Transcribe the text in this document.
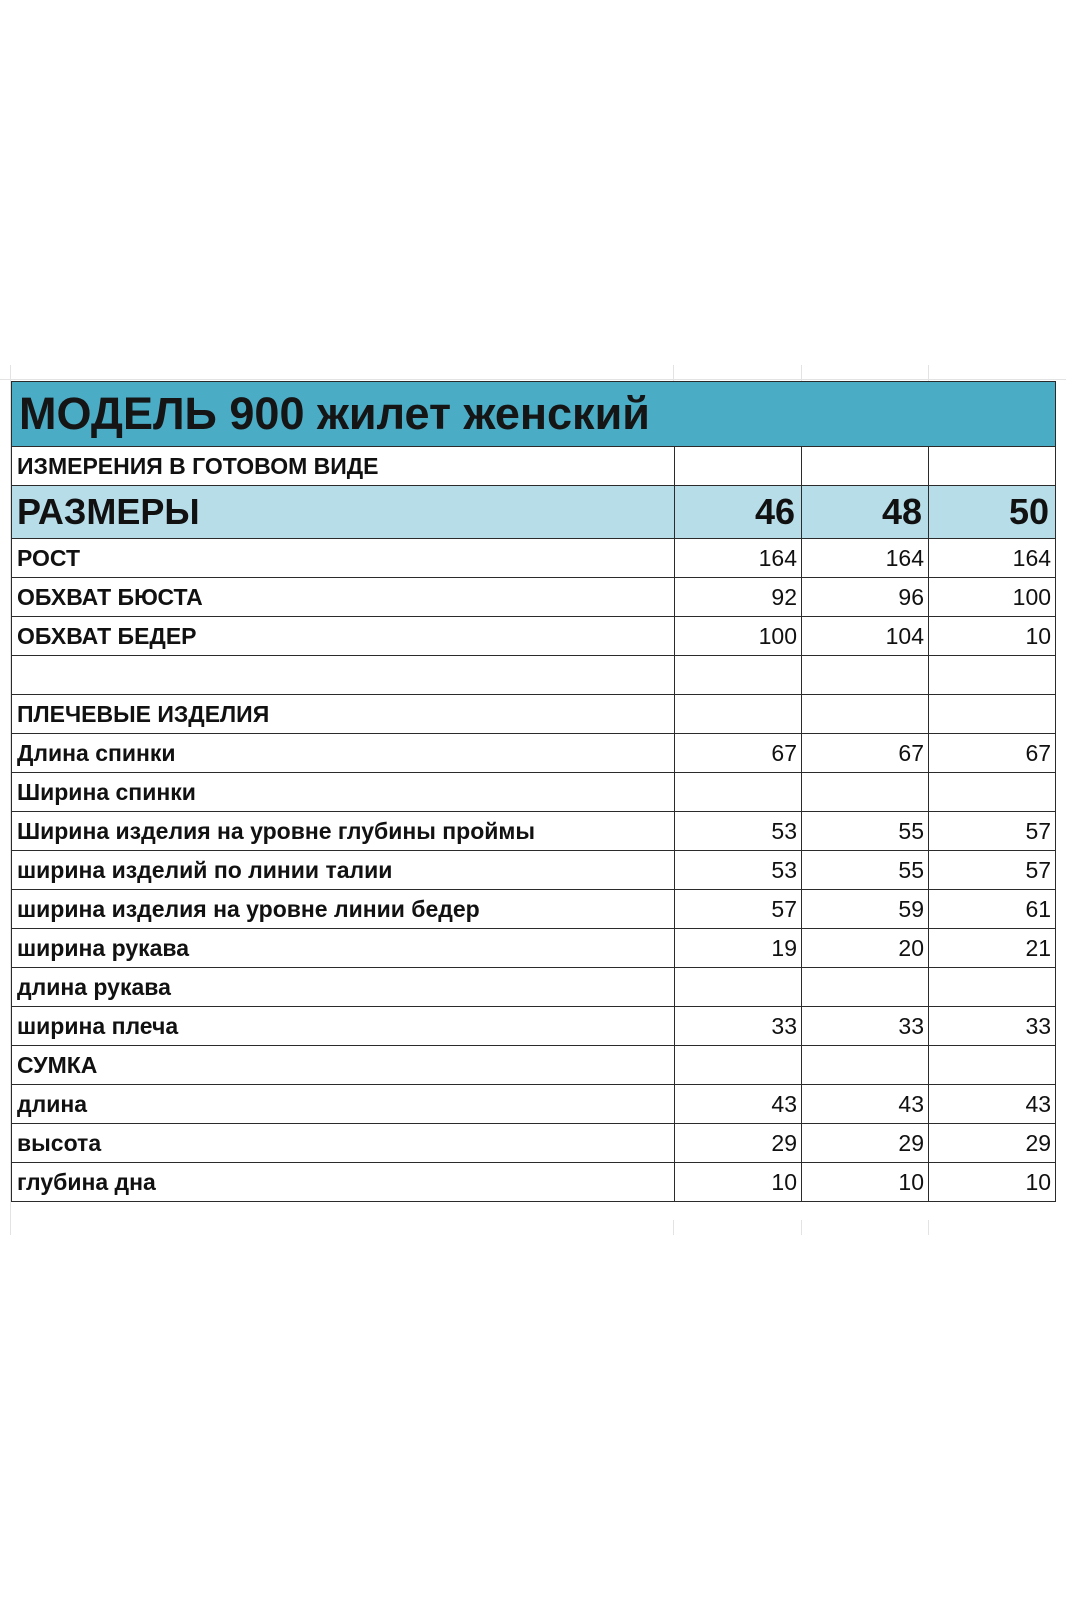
МОДЕЛЬ 900 жилет женский			
ИЗМЕРЕНИЯ В ГОТОВОМ ВИДЕ			
РАЗМЕРЫ	46	48	50
РОСТ	164	164	164
ОБХВАТ БЮСТА	92	96	100
ОБХВАТ БЕДЕР	100	104	10

ПЛЕЧЕВЫЕ ИЗДЕЛИЯ			
Длина спинки	67	67	67
Ширина спинки			
Ширина изделия на уровне глубины проймы	53	55	57
ширина изделий по линии талии	53	55	57
ширина изделия на уровне линии бедер	57	59	61
ширина рукава	19	20	21
длина рукава			
ширина плеча	33	33	33
СУМКА			
длина	43	43	43
высота	29	29	29
глубина дна	10	10	10
